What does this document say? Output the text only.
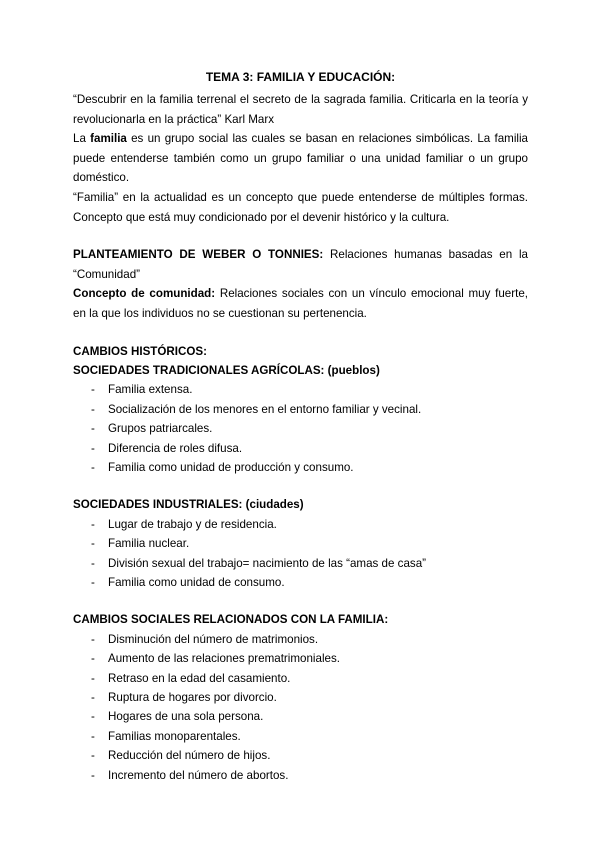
TEMA 3: FAMILIA Y EDUCACIÓN:

“Descubrir en la familia terrenal el secreto de la sagrada familia. Criticarla en la teoría y revolucionarla en la práctica” Karl Marx

La familia es un grupo social las cuales se basan en relaciones simbólicas. La familia puede entenderse también como un grupo familiar o una unidad familiar o un grupo doméstico.

“Familia” en la actualidad es un concepto que puede entenderse de múltiples formas. Concepto que está muy condicionado por el devenir histórico y la cultura.

PLANTEAMIENTO DE WEBER O TONNIES: Relaciones humanas basadas en la “Comunidad”

Concepto de comunidad: Relaciones sociales con un vínculo emocional muy fuerte, en la que los individuos no se cuestionan su pertenencia.

CAMBIOS HISTÓRICOS:
SOCIEDADES TRADICIONALES AGRÍCOLAS: (pueblos)
- Familia extensa.
- Socialización de los menores en el entorno familiar y vecinal.
- Grupos patriarcales.
- Diferencia de roles difusa.
- Familia como unidad de producción y consumo.
SOCIEDADES INDUSTRIALES: (ciudades)
- Lugar de trabajo y de residencia.
- Familia nuclear.
- División sexual del trabajo= nacimiento de las “amas de casa”
- Familia como unidad de consumo.
CAMBIOS SOCIALES RELACIONADOS CON LA FAMILIA:
- Disminución del número de matrimonios.
- Aumento de las relaciones prematrimoniales.
- Retraso en la edad del casamiento.
- Ruptura de hogares por divorcio.
- Hogares de una sola persona.
- Familias monoparentales.
- Reducción del número de hijos.
- Incremento del número de abortos.
